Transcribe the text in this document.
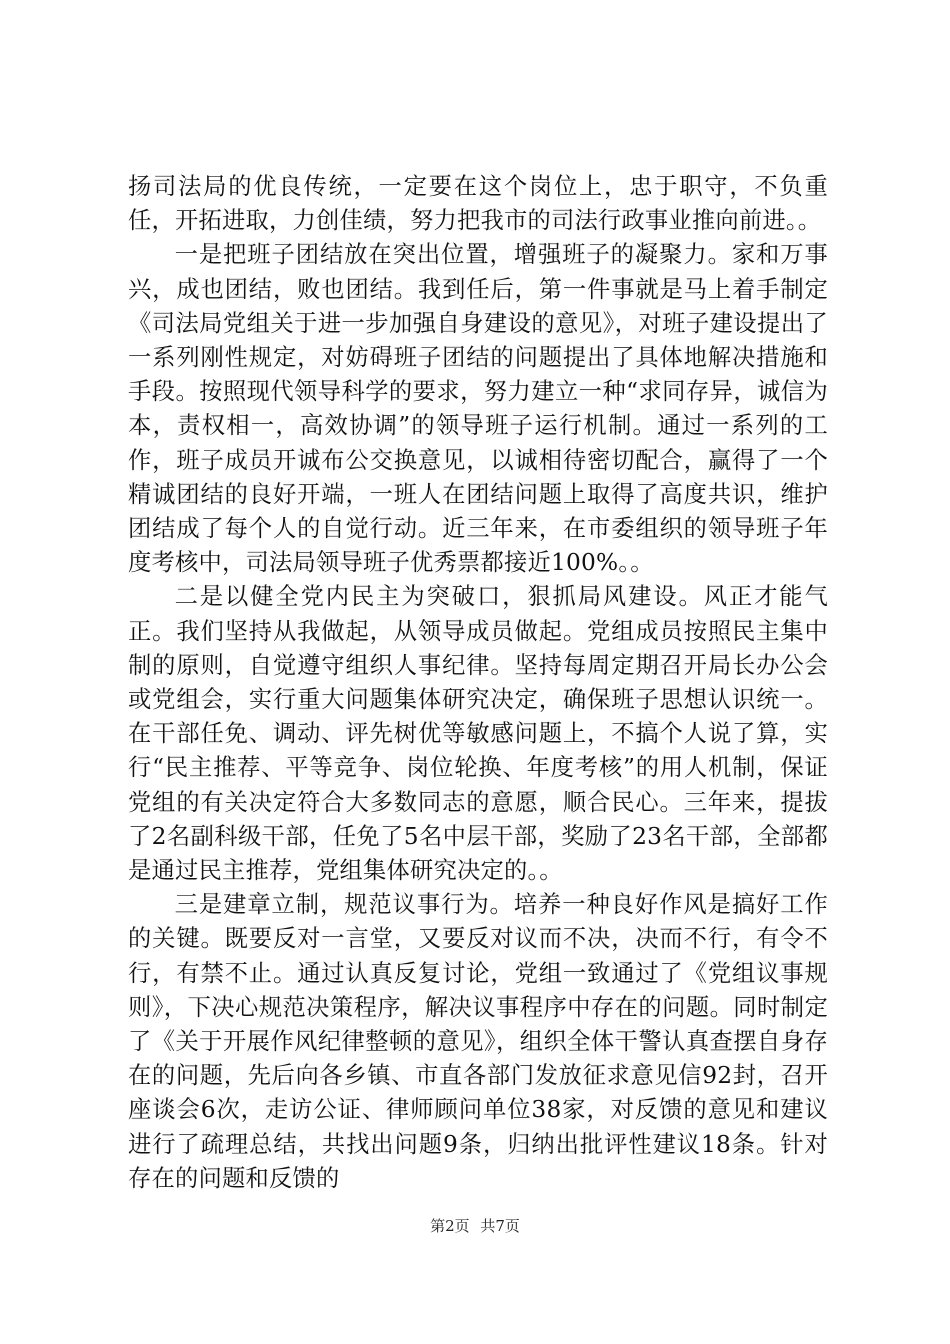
扬司法局的优良传统，一定要在这个岗位上，忠于职守，不负重任，开拓进取，力创佳绩，努力把我市的司法行政事业推向前进。。

一是把班子团结放在突出位置，增强班子的凝聚力。家和万事兴，成也团结，败也团结。我到任后，第一件事就是马上着手制定《司法局党组关于进一步加强自身建设的意见》，对班子建设提出了一系列刚性规定，对妨碍班子团结的问题提出了具体地解决措施和手段。按照现代领导科学的要求，努力建立一种“求同存异，诚信为本，责权相一，高效协调”的领导班子运行机制。通过一系列的工作，班子成员开诚布公交换意见，以诚相待密切配合，赢得了一个精诚团结的良好开端，一班人在团结问题上取得了高度共识，维护团结成了每个人的自觉行动。近三年来，在市委组织的领导班子年度考核中，司法局领导班子优秀票都接近100%。。

二是以健全党内民主为突破口，狠抓局风建设。风正才能气正。我们坚持从我做起，从领导成员做起。党组成员按照民主集中制的原则，自觉遵守组织人事纪律。坚持每周定期召开局长办公会或党组会，实行重大问题集体研究决定，确保班子思想认识统一。在干部任免、调动、评先树优等敏感问题上，不搞个人说了算，实行“民主推荐、平等竞争、岗位轮换、年度考核”的用人机制，保证党组的有关决定符合大多数同志的意愿，顺合民心。三年来，提拔了2名副科级干部，任免了5名中层干部，奖励了23名干部，全部都是通过民主推荐，党组集体研究决定的。。

三是建章立制，规范议事行为。培养一种良好作风是搞好工作的关键。既要反对一言堂，又要反对议而不决，决而不行，有令不行，有禁不止。通过认真反复讨论，党组一致通过了《党组议事规则》，下决心规范决策程序，解决议事程序中存在的问题。同时制定了《关于开展作风纪律整顿的意见》，组织全体干警认真查摆自身存在的问题，先后向各乡镇、市直各部门发放征求意见信92封，召开座谈会6次，走访公证、律师顾问单位38家，对反馈的意见和建议进行了疏理总结，共找出问题9条，归纳出批评性建议18条。针对存在的问题和反馈的

第2页 共7页
